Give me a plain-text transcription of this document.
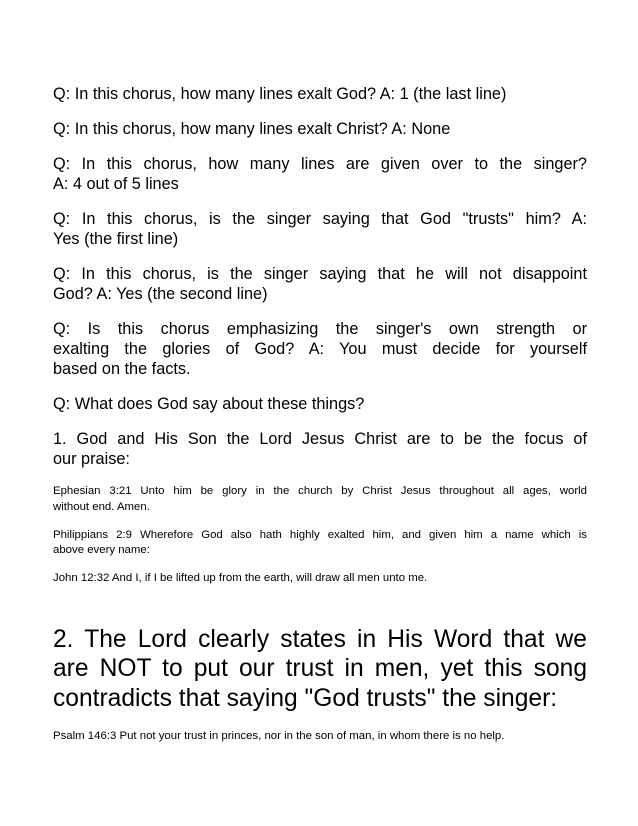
Q: In this chorus, how many lines exalt God? A: 1 (the last line)

Q: In this chorus, how many lines exalt Christ? A: None

Q: In this chorus, how many lines are given over to the singer?
A: 4 out of 5 lines

Q: In this chorus, is the singer saying that God "trusts" him? A:
Yes (the first line)

Q: In this chorus, is the singer saying that he will not disappoint
God? A: Yes (the second line)

Q: Is this chorus emphasizing the singer's own strength or
exalting the glories of God? A: You must decide for yourself
based on the facts.

Q: What does God say about these things?

1. God and His Son the Lord Jesus Christ are to be the focus of
our praise:

Ephesian 3:21 Unto him be glory in the church by Christ Jesus throughout all ages, world
without end. Amen.

Philippians 2:9 Wherefore God also hath highly exalted him, and given him a name which is
above every name:

John 12:32 And I, if I be lifted up from the earth, will draw all men unto me.

2. The Lord clearly states in His Word that we
are NOT to put our trust in men, yet this song
contradicts that saying "God trusts" the singer:

Psalm 146:3 Put not your trust in princes, nor in the son of man, in whom there is no help.
